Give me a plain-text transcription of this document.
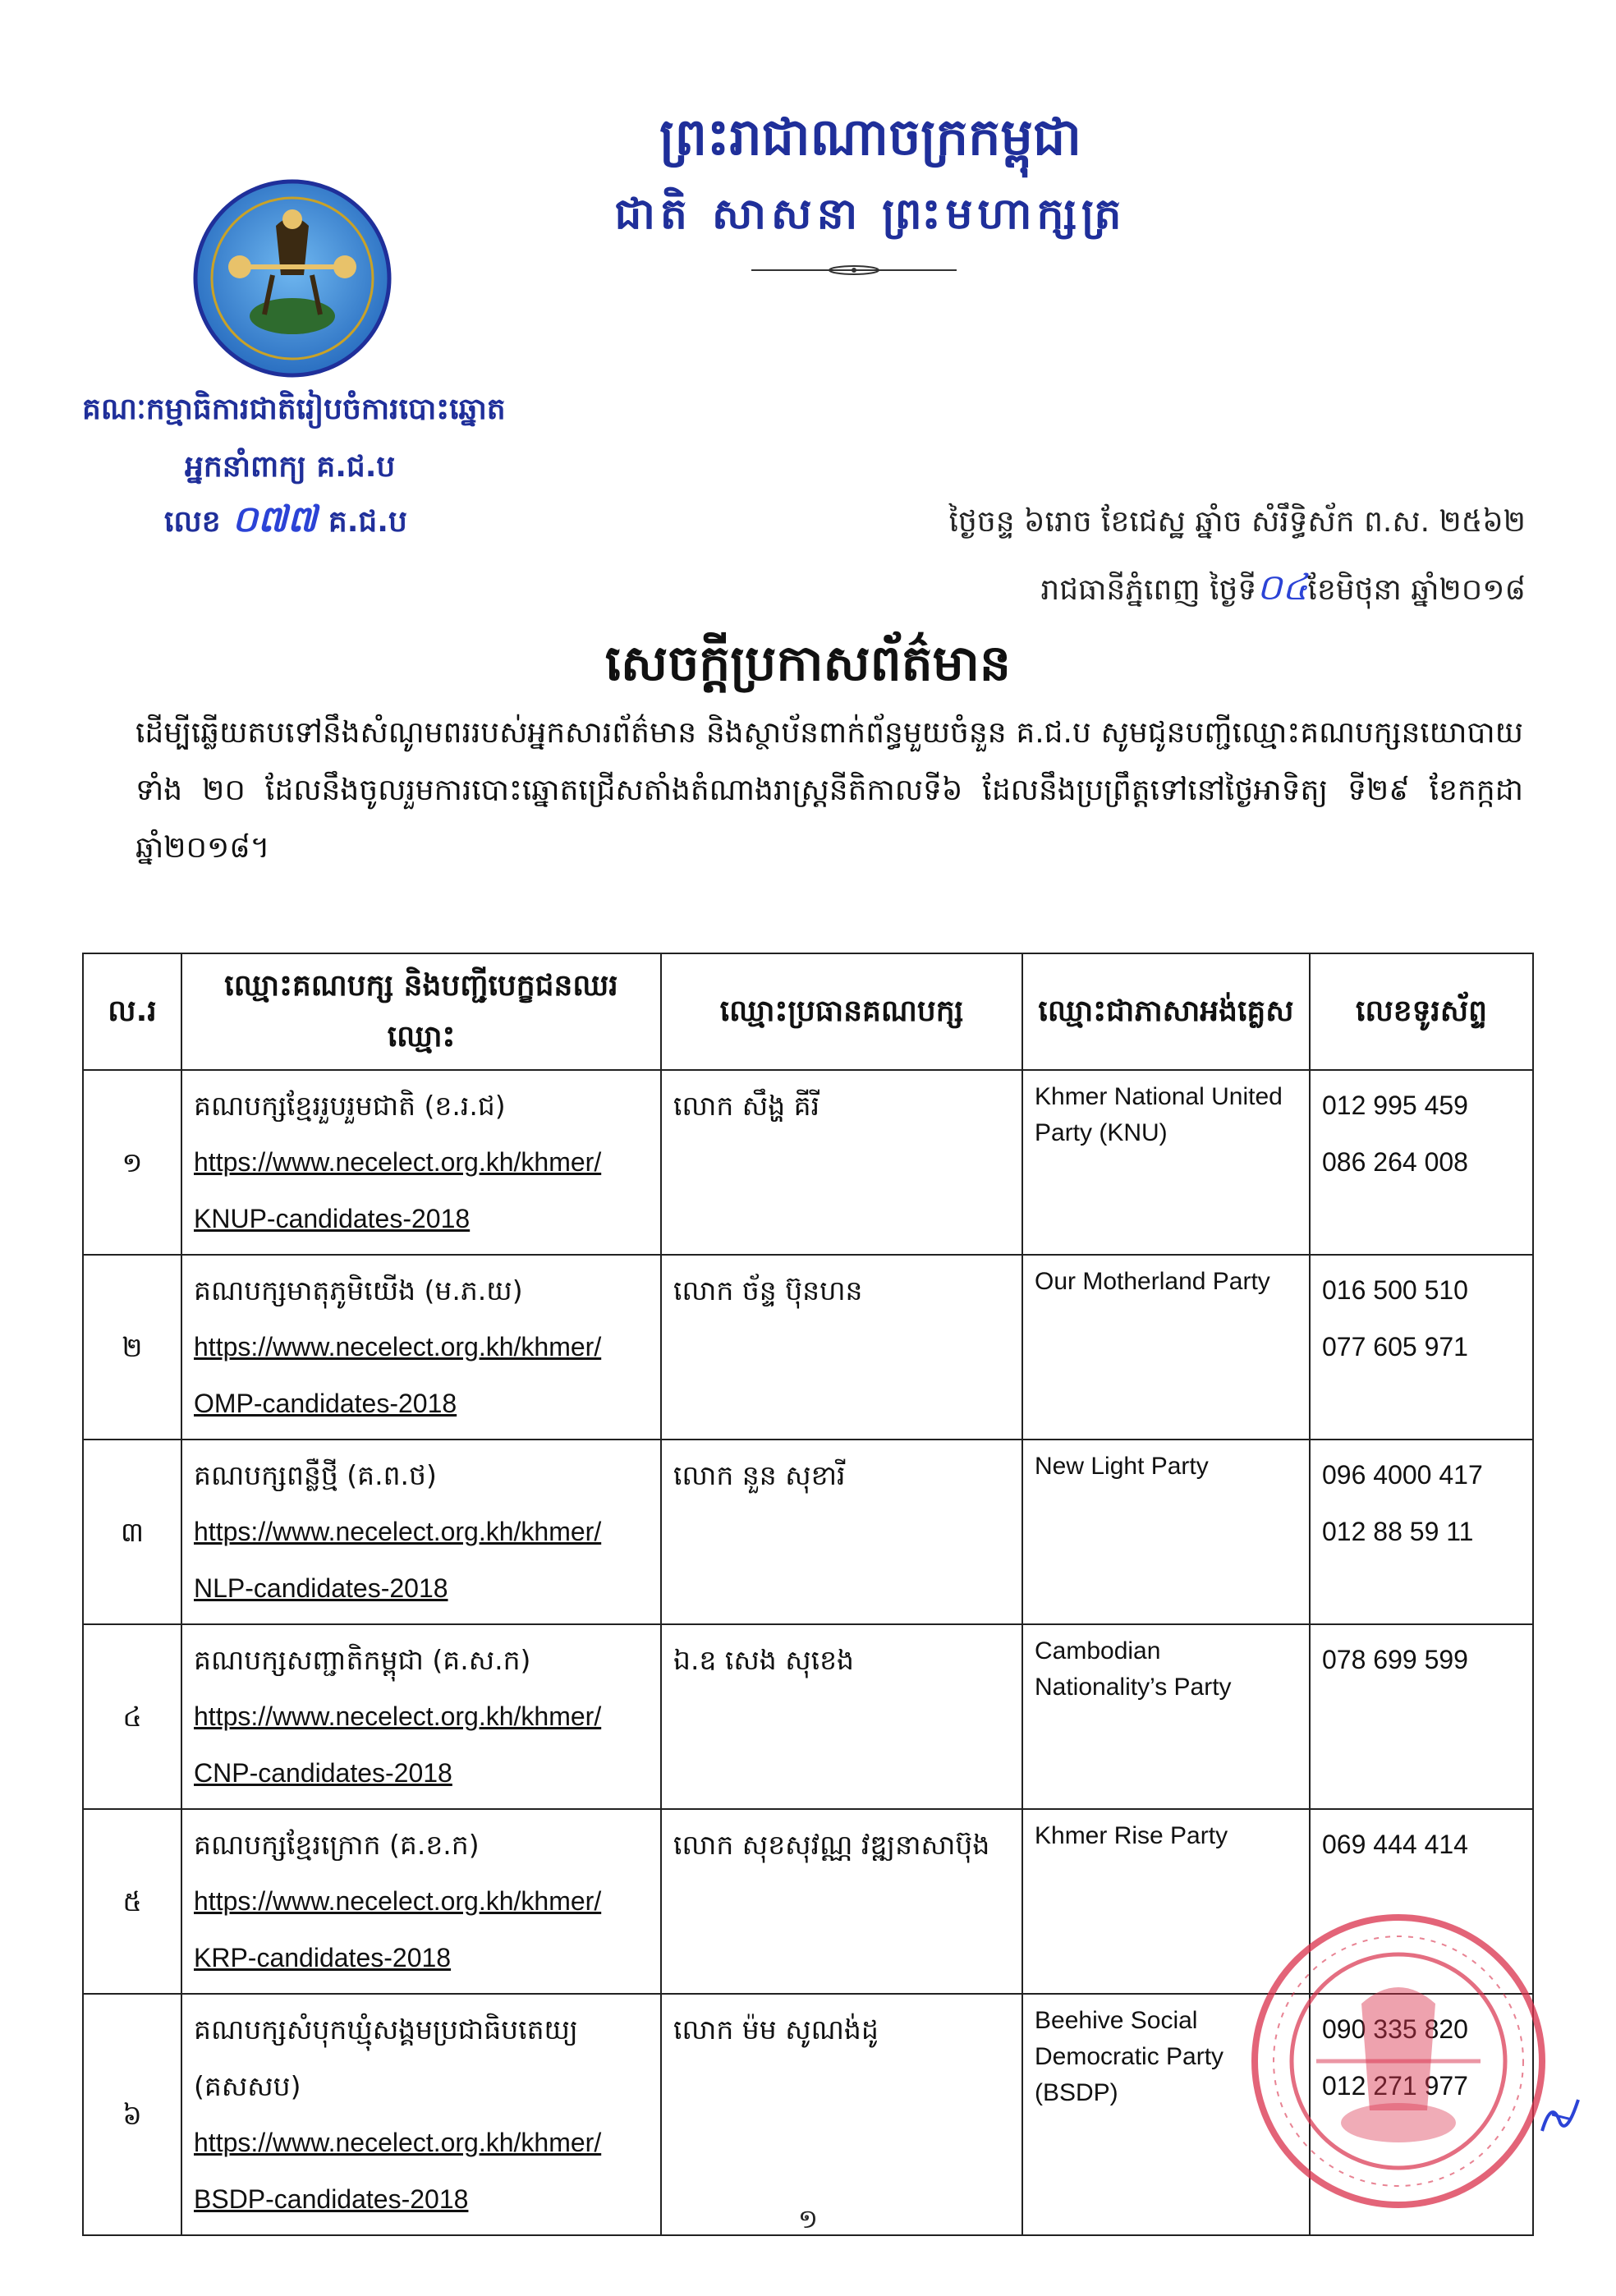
ព្រះរាជាណាចក្រកម្ពុជា
ជាតិ សាសនា ព្រះមហាក្សត្រ
គណៈកម្មាធិការជាតិរៀបចំការបោះឆ្នោត
អ្នកនាំពាក្យ គ.ជ.ប
លេខ ០៧៧ គ.ជ.ប	ថ្ងៃចន្ទ ៦រោច ខែជេស្ឋ ឆ្នាំច សំរឹទ្ធិស័ក ព.ស. ២៥៦២
រាជធានីភ្នំពេញ ថ្ងៃទី០៤ខែមិថុនា ឆ្នាំ២០១៨
សេចក្តីប្រកាសព័ត៌មាន
ដើម្បីឆ្លើយតបទៅនឹងសំណូមពររបស់អ្នកសារព័ត៌មាន និងស្ថាប័នពាក់ព័ន្ធមួយចំនួន គ.ជ.ប សូមជូនបញ្ជីឈ្មោះគណបក្សនយោបាយទាំង ២០ ដែលនឹងចូលរួមការបោះឆ្នោតជ្រើសតាំងតំណាងរាស្ត្រនីតិកាលទី៦ ដែលនឹងប្រព្រឹត្តទៅនៅថ្ងៃអាទិត្យ ទី២៩ ខែកក្កដា ឆ្នាំ២០១៨។
ល.រ	ឈ្មោះគណបក្ស និងបញ្ជីបេក្ខជនឈរឈ្មោះ	ឈ្មោះប្រធានគណបក្ស	ឈ្មោះជាភាសាអង់គ្លេស	លេខទូរស័ព្ទ
១	គណបក្សខ្មែររួបរួមជាតិ (ខ.រ.ជ)
https://www.necelect.org.kh/khmer/
KNUP-candidates-2018	លោក សឹង្ហ គីរី	Khmer National United Party (KNU)	012 995 459
086 264 008

២	គណបក្សមាតុភូមិយើង (ម.ភ.យ)
https://www.necelect.org.kh/khmer/
OMP-candidates-2018	លោក ច័ន្ទ ប៊ុនហន	Our Motherland Party	016 500 510
077 605 971

៣	គណបក្សពន្លឺថ្មី (គ.ព.ថ)
https://www.necelect.org.kh/khmer/
NLP-candidates-2018	លោក នួន សុខារី	New Light Party	096 4000 417
012 88 59 11

៤	គណបក្សសញ្ជាតិកម្ពុជា (គ.ស.ក)
https://www.necelect.org.kh/khmer/
CNP-candidates-2018	ឯ.ឧ សេង សុខេង	Cambodian Nationality’s Party	078 699 599

៥	គណបក្សខ្មែរក្រោក (គ.ខ.ក)
https://www.necelect.org.kh/khmer/
KRP-candidates-2018	លោក សុខសុវណ្ណ វឌ្ឍនាសាប៊ុង	Khmer Rise Party	069 444 414

៦	គណបក្សសំបុកឃ្មុំសង្គមប្រជាធិបតេយ្យ
(គសសប)
https://www.necelect.org.kh/khmer/
BSDP-candidates-2018	លោក ម៉ម សូណង់ដូ	Beehive Social Democratic Party (BSDP)	090 335 820
012 271 977
១
